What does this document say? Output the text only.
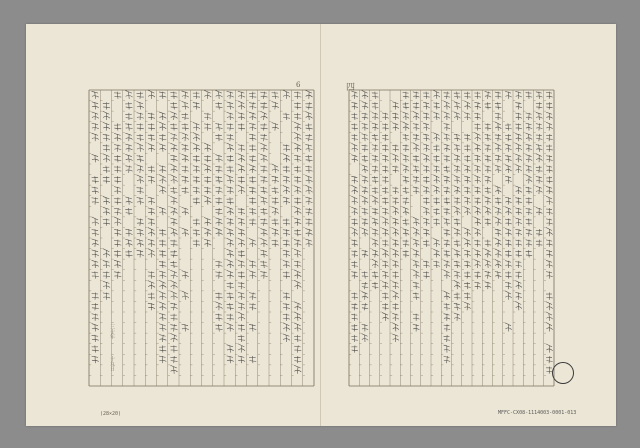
6	四
三十年
十九日
(28×20)	MFFC-CX08-1114003-0001-013
